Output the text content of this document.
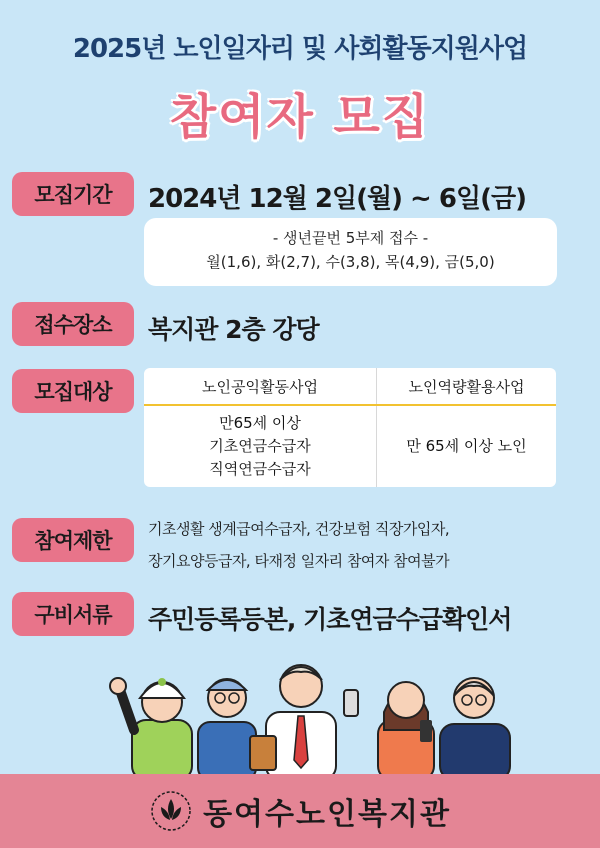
2025년 노인일자리 및 사회활동지원사업
참여자 모집
모집기간	2024년 12월 2일(월) ~ 6일(금)
- 생년끝번 5부제 접수 -
월(1,6), 화(2,7), 수(3,8), 목(4,9), 금(5,0)
접수장소	복지관 2층 강당
모집대상	노인공익활동사업	노인역량활용사업

만65세 이상
기초연금수급자
직역연금수급자	만 65세 이상 노인
참여제한	기초생활 생계급여수급자, 건강보험 직장가입자,
장기요양등급자, 타재정 일자리 참여자 참여불가
구비서류	주민등록등본, 기초연금수급확인서
동여수노인복지관
